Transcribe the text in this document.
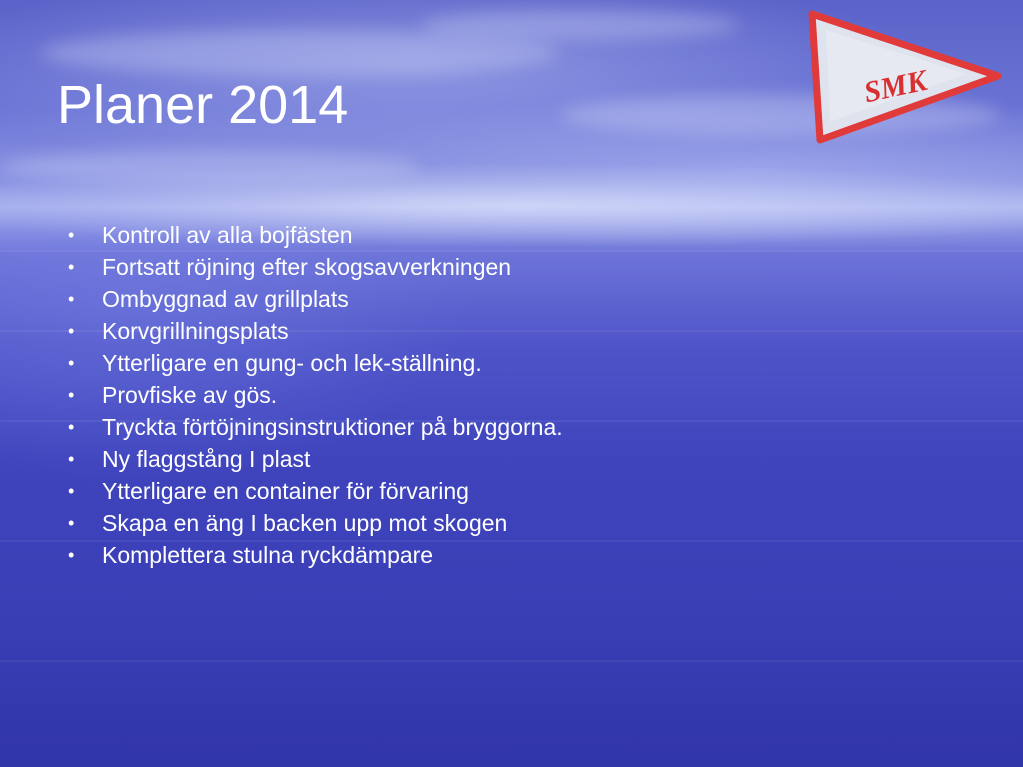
Planer 2014
• Kontroll av alla bojfästen
• Fortsatt röjning efter skogsavverkningen
• Ombyggnad av grillplats
• Korvgrillningsplats
• Ytterligare en gung- och lek-ställning.
• Provfiske av gös.
• Tryckta förtöjningsinstruktioner på bryggorna.
• Ny flaggstång I plast
• Ytterligare en container för förvaring
• Skapa en äng I backen upp mot skogen
• Komplettera stulna ryckdämpare
SMK
